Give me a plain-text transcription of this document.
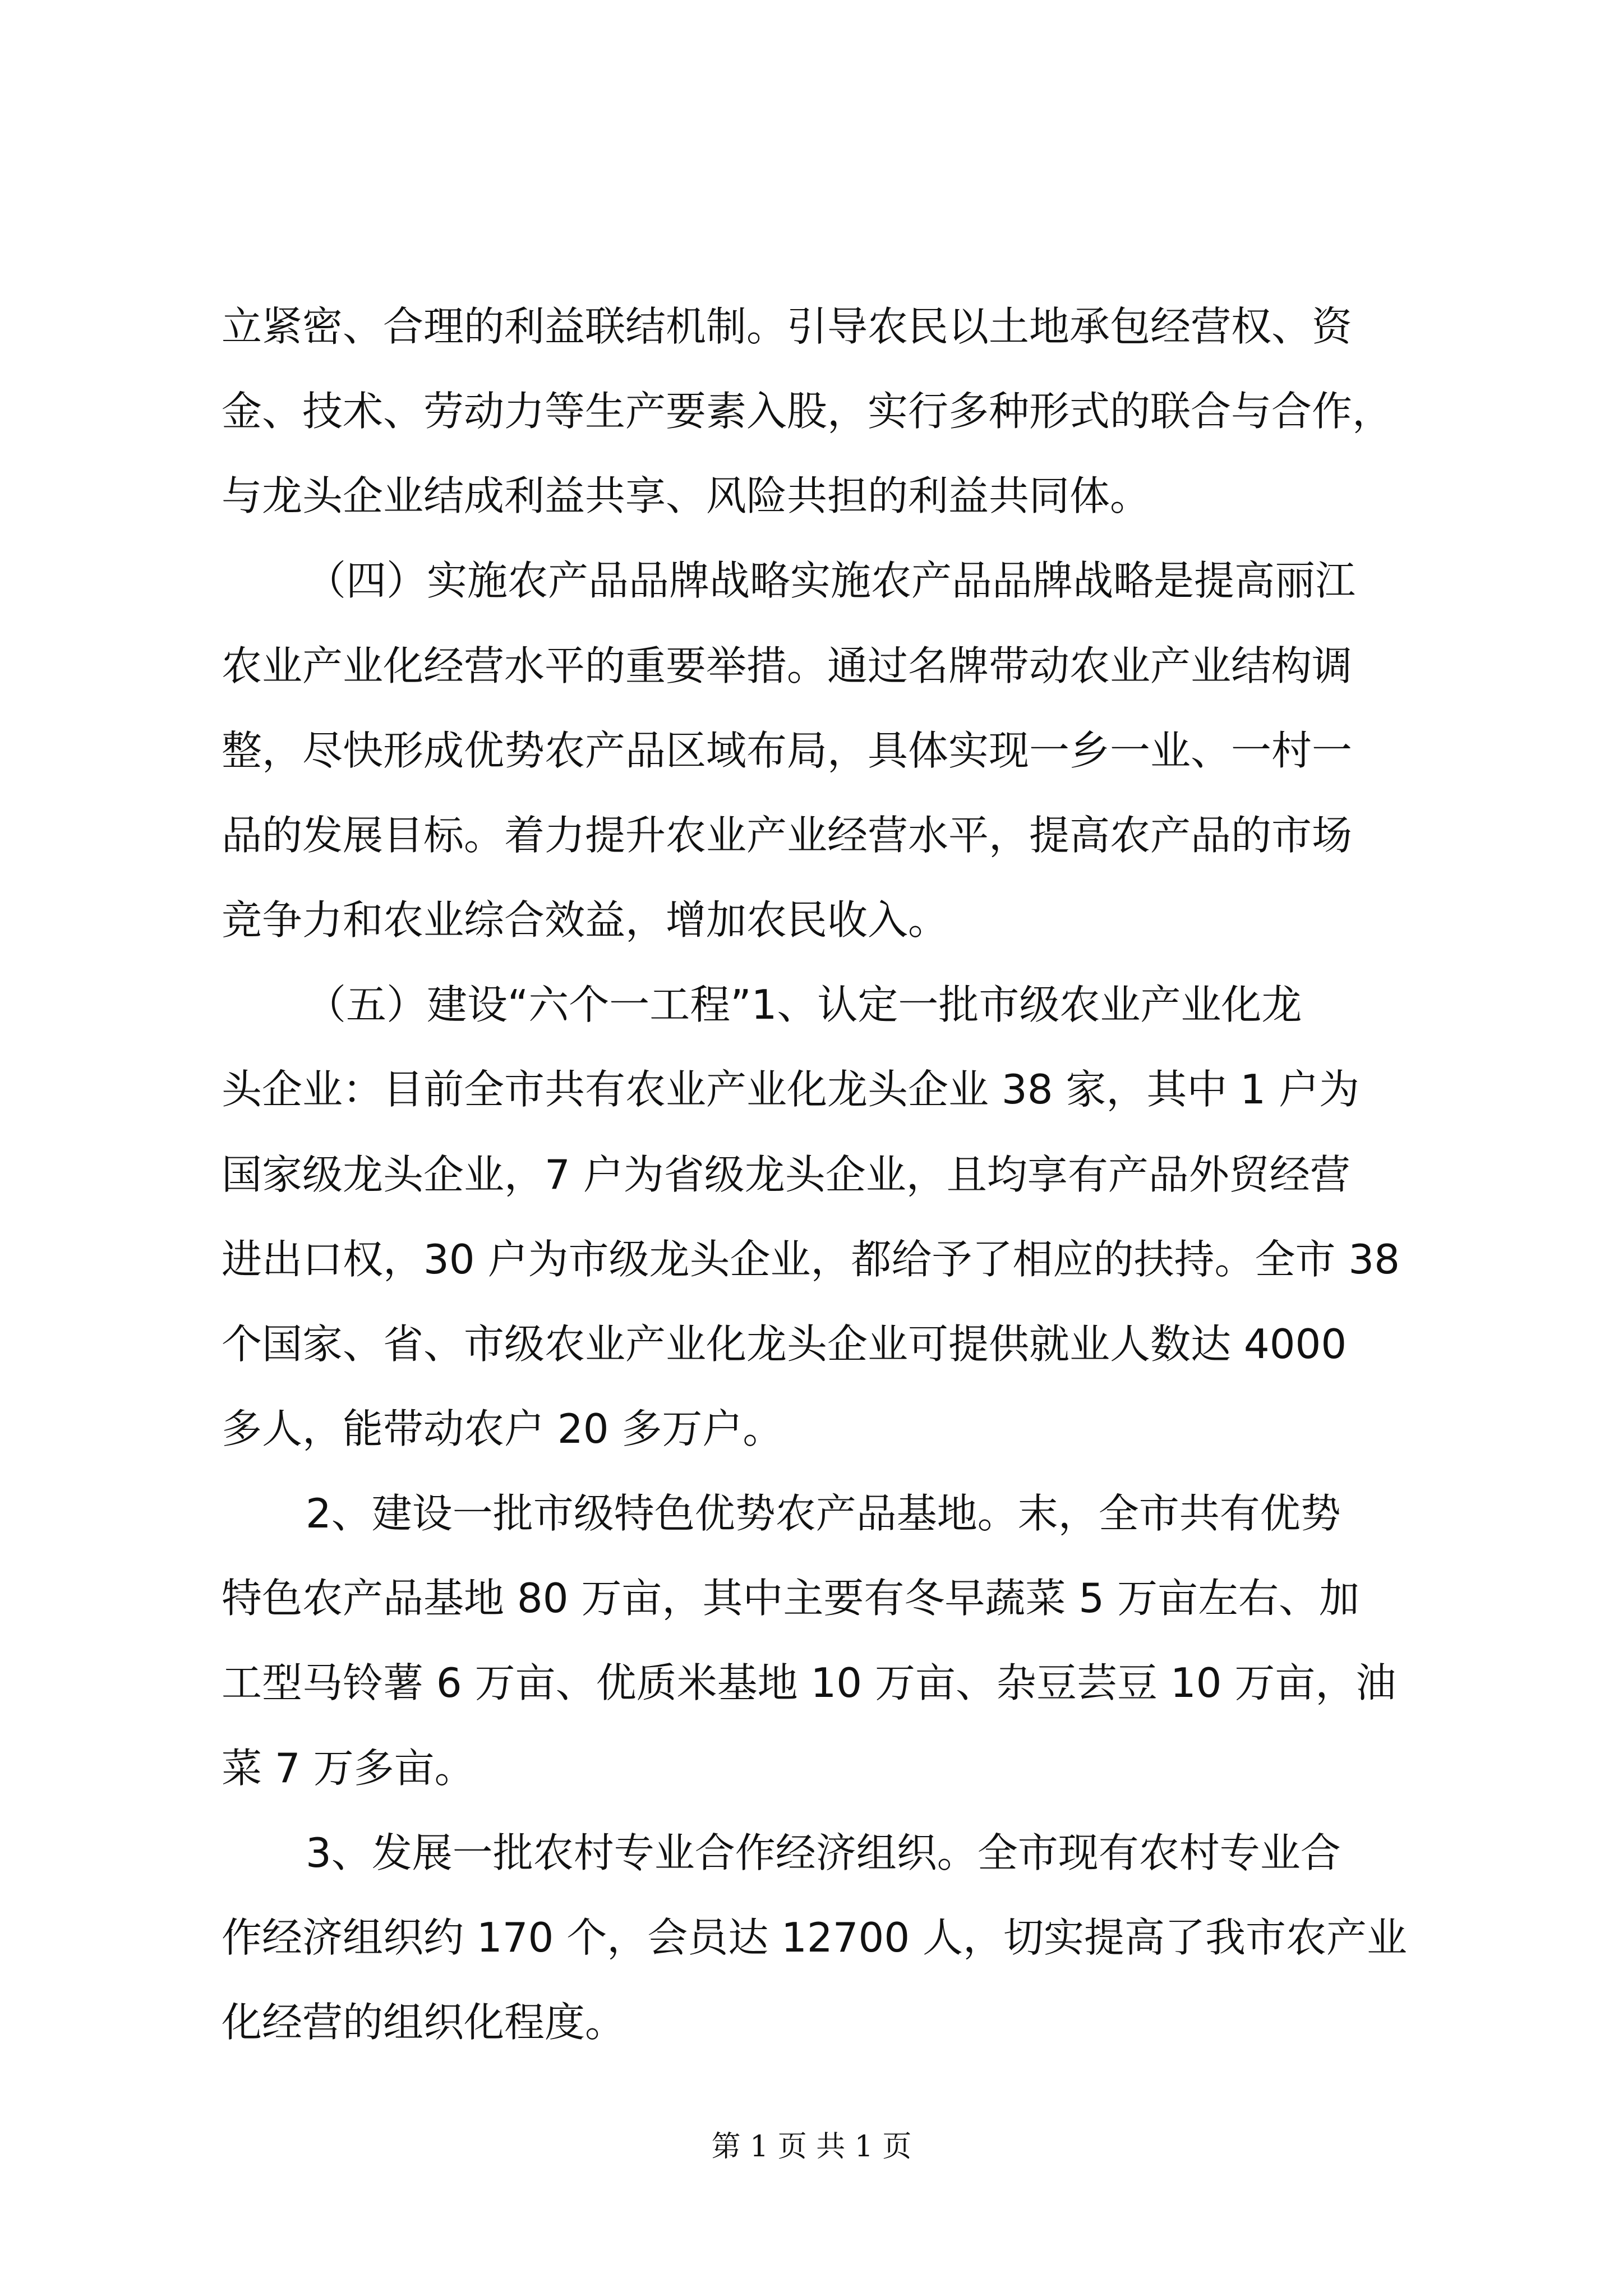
立紧密、合理的利益联结机制。引导农民以土地承包经营权、资
金、技术、劳动力等生产要素入股，实行多种形式的联合与合作，
与龙头企业结成利益共享、风险共担的利益共同体。
（四）实施农产品品牌战略实施农产品品牌战略是提高丽江
农业产业化经营水平的重要举措。通过名牌带动农业产业结构调
整，尽快形成优势农产品区域布局，具体实现一乡一业、一村一
品的发展目标。着力提升农业产业经营水平，提高农产品的市场
竞争力和农业综合效益，增加农民收入。
（五）建设“六个一工程”1、认定一批市级农业产业化龙
头企业：目前全市共有农业产业化龙头企业 38 家，其中 1 户为
国家级龙头企业，7 户为省级龙头企业，且均享有产品外贸经营
进出口权，30 户为市级龙头企业，都给予了相应的扶持。全市 38
个国家、省、市级农业产业化龙头企业可提供就业人数达 4000
多人，能带动农户 20 多万户。
2、建设一批市级特色优势农产品基地。末，全市共有优势
特色农产品基地 80 万亩，其中主要有冬早蔬菜 5 万亩左右、加
工型马铃薯 6 万亩、优质米基地 10 万亩、杂豆芸豆 10 万亩，油
菜 7 万多亩。
3、发展一批农村专业合作经济组织。全市现有农村专业合
作经济组织约 170 个，会员达 12700 人，切实提高了我市农产业
化经营的组织化程度。
第 1 页 共 1 页
